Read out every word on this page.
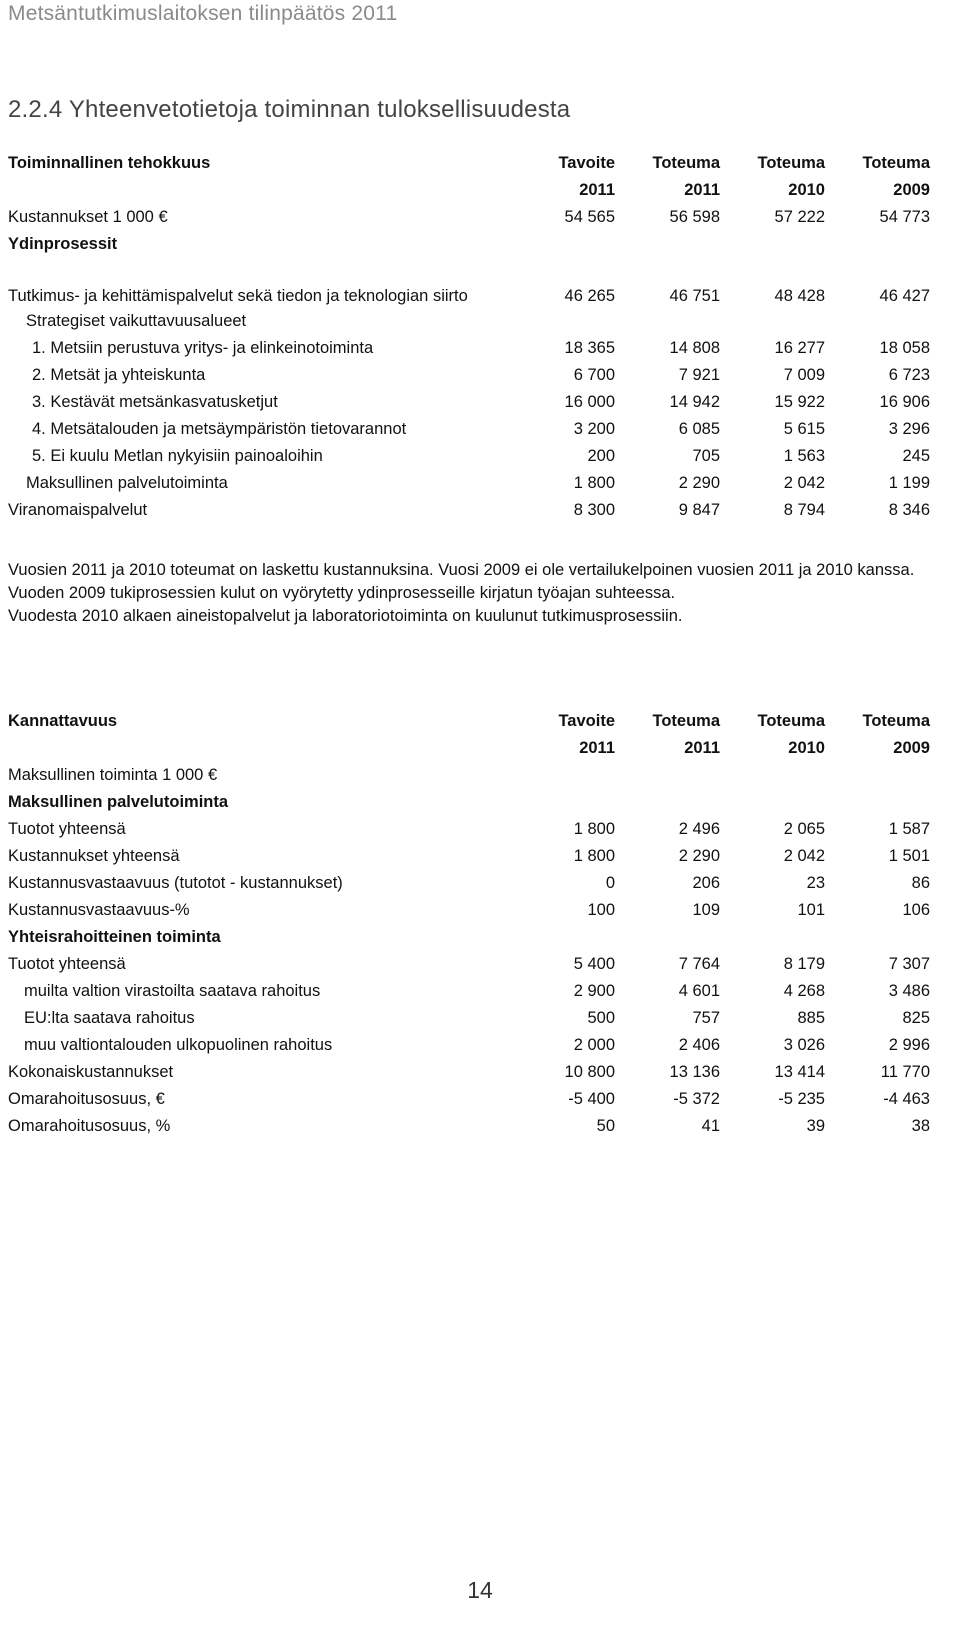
Metsäntutkimuslaitoksen tilinpäätös 2011
2.2.4 Yhteenvetotietoja toiminnan tuloksellisuudesta
Toiminnallinen tehokkuus	Tavoite	Toteuma	Toteuma	Toteuma
	2011	2011	2010	2009
Kustannukset 1 000 €	54 565	56 598	57 222	54 773
Ydinprosessit				
Tutkimus- ja kehittämispalvelut sekä tiedon ja teknologian siirto	46 265	46 751	48 428	46 427
Strategiset vaikuttavuusalueet				
1. Metsiin perustuva yritys- ja elinkeinotoiminta	18 365	14 808	16 277	18 058
2. Metsät ja yhteiskunta	6 700	7 921	7 009	6 723
3. Kestävät metsänkasvatusketjut	16 000	14 942	15 922	16 906
4. Metsätalouden ja metsäympäristön tietovarannot	3 200	6 085	5 615	3 296
5. Ei kuulu Metlan nykyisiin painoaloihin	200	705	1 563	245
Maksullinen palvelutoiminta	1 800	2 290	2 042	1 199
Viranomaispalvelut	8 300	9 847	8 794	8 346

Vuosien 2011 ja 2010 toteumat on laskettu kustannuksina. Vuosi 2009 ei ole vertailukelpoinen vuosien 2011 ja 2010 kanssa.

Vuoden 2009 tukiprosessien kulut on vyörytetty ydinprosesseille kirjatun työajan suhteessa.

Vuodesta 2010 alkaen aineistopalvelut ja laboratoriotoiminta on kuulunut tutkimusprosessiin.

Kannattavuus	Tavoite	Toteuma	Toteuma	Toteuma
	2011	2011	2010	2009
Maksullinen toiminta 1 000 €				
Maksullinen palvelutoiminta				
Tuotot yhteensä	1 800	2 496	2 065	1 587
Kustannukset yhteensä	1 800	2 290	2 042	1 501
Kustannusvastaavuus (tutotot - kustannukset)	0	206	23	86
Kustannusvastaavuus-%	100	109	101	106
Yhteisrahoitteinen toiminta				
Tuotot yhteensä	5 400	7 764	8 179	7 307
muilta valtion virastoilta saatava rahoitus	2 900	4 601	4 268	3 486
EU:lta saatava rahoitus	500	757	885	825
muu valtiontalouden ulkopuolinen rahoitus	2 000	2 406	3 026	2 996
Kokonaiskustannukset	10 800	13 136	13 414	11 770
Omarahoitusosuus, €	-5 400	-5 372	-5 235	-4 463
Omarahoitusosuus, %	50	41	39	38
14
